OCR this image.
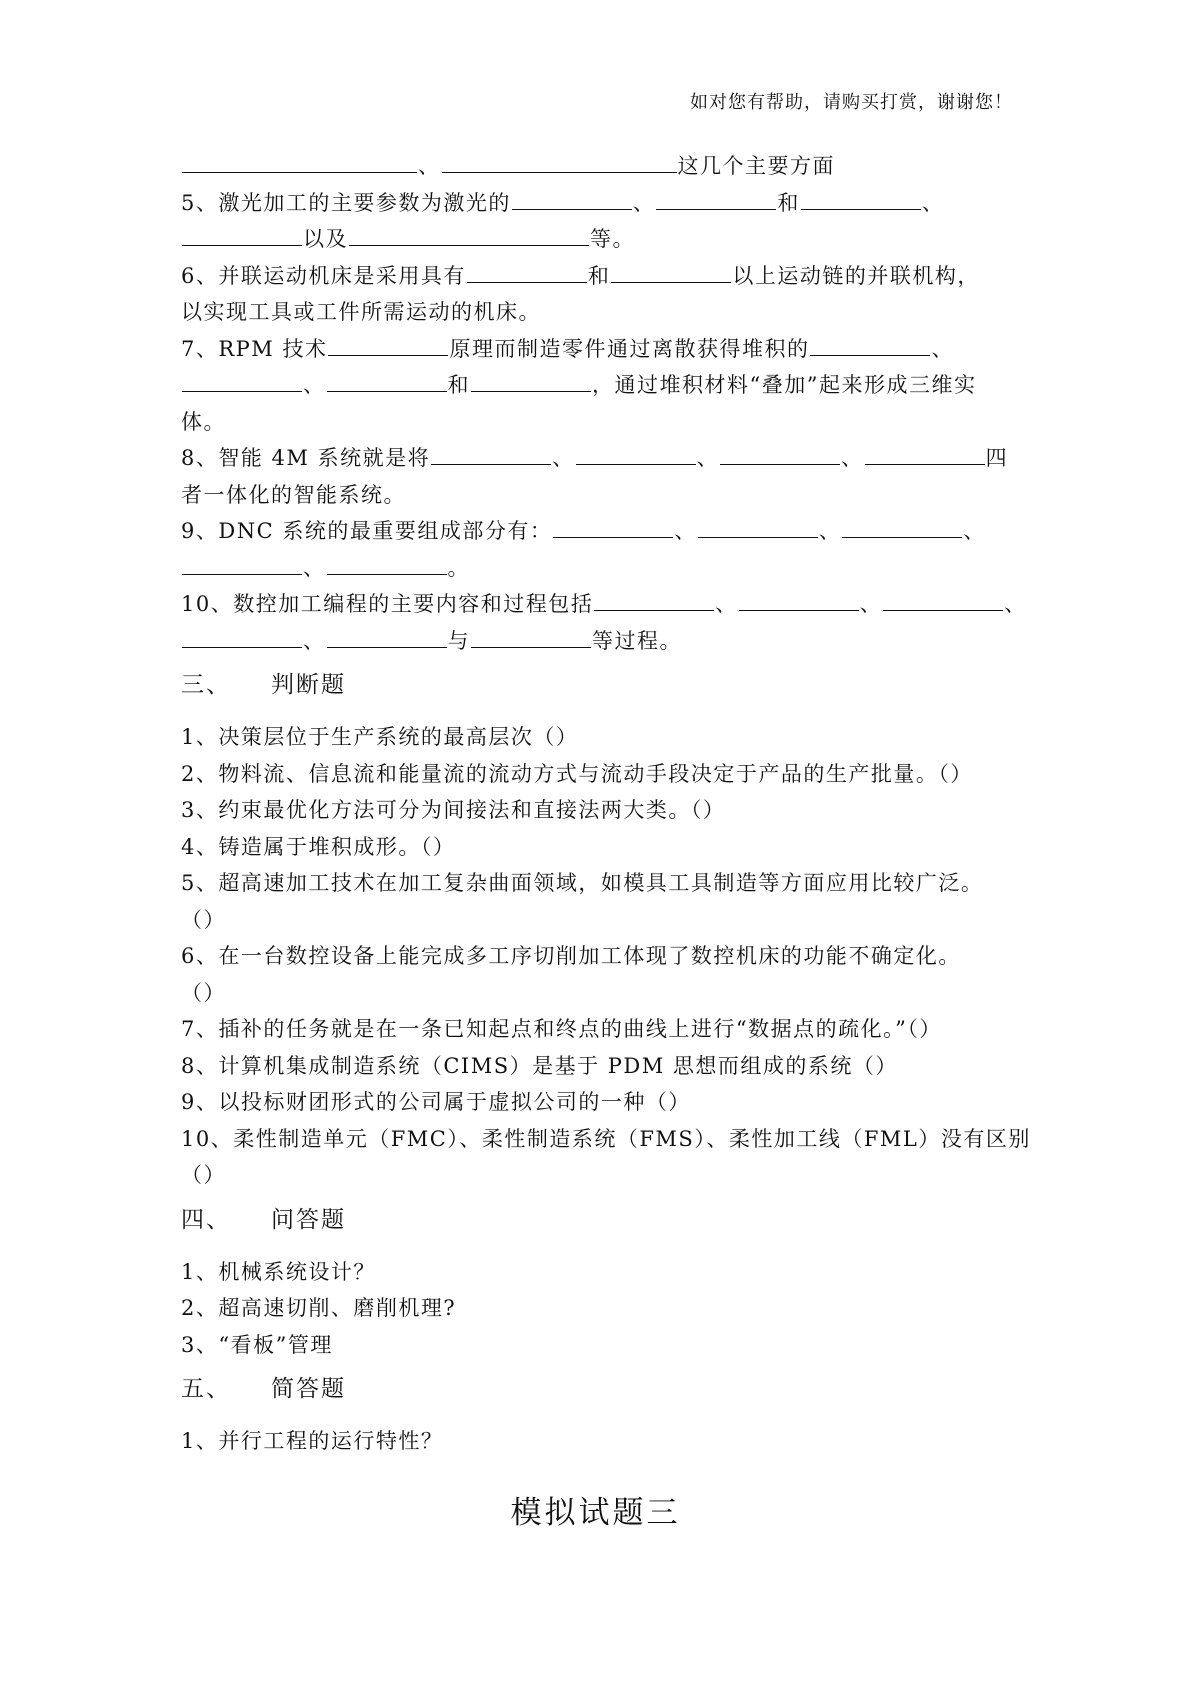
如对您有帮助，请购买打赏，谢谢您！
、	这几个主要方面
5、激光加工的主要参数为激光的	、	和	、
以及	等。
6、并联运动机床是采用具有	和	以上运动链的并联机构，
以实现工具或工件所需运动的机床。
7、RPM 技术	原理而制造零件通过离散获得堆积的	、
、	和	，通过堆积材料“叠加”起来形成三维实
体。
8、智能 4M 系统就是将	、	、	、	四
者一体化的智能系统。
9、DNC 系统的最重要组成部分有：	、	、	、
、	。
10、数控加工编程的主要内容和过程包括	、	、	、
、	与	等过程。
三、 判断题
1、决策层位于生产系统的最高层次（）
2、物料流、信息流和能量流的流动方式与流动手段决定于产品的生产批量。（）
3、约束最优化方法可分为间接法和直接法两大类。（）
4、铸造属于堆积成形。（）
5、超高速加工技术在加工复杂曲面领域，如模具工具制造等方面应用比较广泛。
（）
6、在一台数控设备上能完成多工序切削加工体现了数控机床的功能不确定化。
（）
7、插补的任务就是在一条已知起点和终点的曲线上进行“数据点的疏化。”（）
8、计算机集成制造系统（CIMS）是基于 PDM 思想而组成的系统（）
9、以投标财团形式的公司属于虚拟公司的一种（）
10、柔性制造单元（FMC）、柔性制造系统（FMS）、柔性加工线（FML）没有区别
（）
四、 问答题
1、机械系统设计？
2、超高速切削、磨削机理?
3、“看板”管理
五、 简答题
1、并行工程的运行特性？
模拟试题三
